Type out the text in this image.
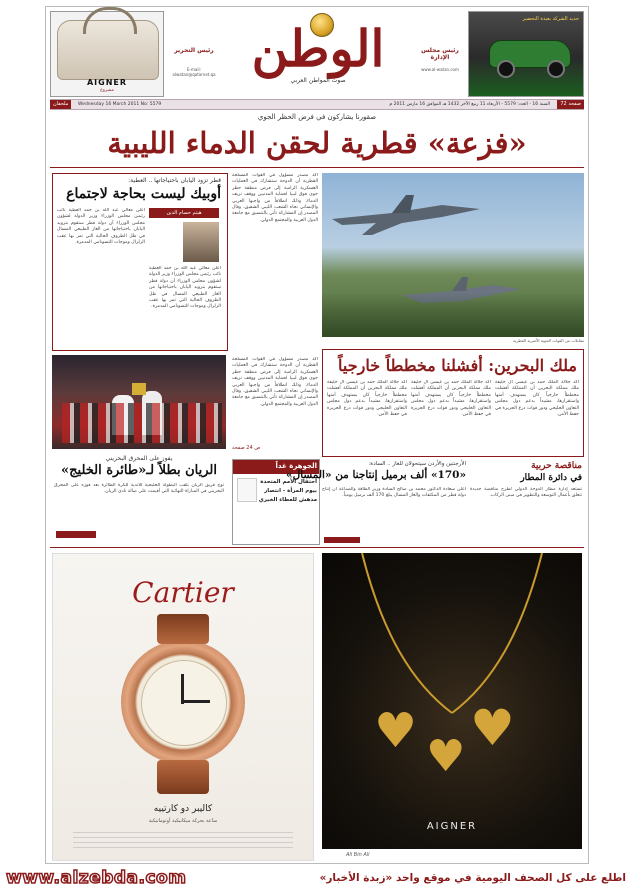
AIGNER
مشروع
رئيس التحرير
E-mail: alwatan@qatarnet.qa الوطن
صوت المواطن العربي
رئيس مجلس الإدارة
www.al-watan.com
جديد الشركة بعيدة التحضير
ملحقان	Wednesday 16 March 2011 No: 5579	السنة 16 - العدد: 5579 - الأربعاء 11 ربيع الآخر 1432 هـ الموافق 16 مارس 2011 م	72 صفحة
صقورنا يشاركون في فرض الحظر الجوي
«فزعة» قطرية لحقن الدماء الليبية
قطر تزود اليابان باحتياجاتها .. العطية:
أوبيك ليست بحاجة لاجتماع
هيثم حسام الدين
أعلن معالي عبد الله بن حمد العطية نائب رئيس مجلس الوزراء وزير الدولة لشؤون مجلس الوزراء أن دولة قطر ستقوم بتزويد اليابان باحتياجاتها من الغاز الطبيعي المسال في ظل الظروف الحالية التي تمر بها عقب الزلزال وموجات التسونامي المدمرة.
أعلن معالي عبد الله بن حمد العطية نائب رئيس مجلس الوزراء وزير الدولة لشؤون مجلس الوزراء أن دولة قطر ستقوم بتزويد اليابان باحتياجاتها من الغاز الطبيعي المسال في ظل الظروف الحالية التي تمر بها عقب الزلزال وموجات التسونامي المدمرة.
يفوز على المحرق البحريني
الريان بطلاً لـ«طائرة الخليج»
توج فريق الريان بلقب البطولة الخليجية للأندية للكرة الطائرة بعد فوزه على المحرق البحريني في المباراة النهائية التي أقيمت على صالة نادي الريان.
مقاتلات من القوات الجوية الأميرية القطرية
أكد مصدر مسؤول في القوات المسلحة القطرية أن الدوحة ستشارك في العمليات العسكرية الرامية إلى فرض منطقة حظر جوي فوق ليبيا لحماية المدنيين ووقف نزيف الدماء، وذلك انطلاقاً من واجبها العربي والإنساني تجاه الشعب الليبي الشقيق، وقال المصدر إن المشاركة تأتي بالتنسيق مع جامعة الدول العربية والمجتمع الدولي.
ملك البحرين: أفشلنا مخططاً خارجياً
أكد جلالة الملك حمد بن عيسى آل خليفة ملك مملكة البحرين أن المملكة أفشلت مخططاً خارجياً كان يستهدف أمنها واستقرارها، مشيداً بدعم دول مجلس التعاون الخليجي ودور قوات درع الجزيرة في حفظ الأمن.
أكد جلالة الملك حمد بن عيسى آل خليفة ملك مملكة البحرين أن المملكة أفشلت مخططاً خارجياً كان يستهدف أمنها واستقرارها، مشيداً بدعم دول مجلس التعاون الخليجي ودور قوات درع الجزيرة في حفظ الأمن.
أكد جلالة الملك حمد بن عيسى آل خليفة ملك مملكة البحرين أن المملكة أفشلت مخططاً خارجياً كان يستهدف أمنها واستقرارها، مشيداً بدعم دول مجلس التعاون الخليجي ودور قوات درع الجزيرة في حفظ الأمن.
أكد مصدر مسؤول في القوات المسلحة القطرية أن الدوحة ستشارك في العمليات العسكرية الرامية إلى فرض منطقة حظر جوي فوق ليبيا لحماية المدنيين ووقف نزيف الدماء، وذلك انطلاقاً من واجبها العربي والإنساني تجاه الشعب الليبي الشقيق، وقال المصدر إن المشاركة تأتي بالتنسيق مع جامعة الدول العربية والمجتمع الدولي.
ص 24 صفحة
الجوهرة غداً
احتفال الأمم المتحدة بيوم المرأة - انتصار مدهش للعطاء الخيري
الأرجنتين والأردن سيتحولان للغاز .. السادة:
«170» ألف برميل إنتاجنا من «المسال»
أعلن سعادة الدكتور محمد بن صالح السادة وزير الطاقة والصناعة أن إنتاج دولة قطر من المكثفات والغاز المسال يبلغ 170 ألف برميل يومياً.
مناقصة حربية
في دائرة المطار
تستعد إدارة مطار الدوحة الدولي لطرح مناقصة جديدة تتعلق بأعمال التوسعة والتطوير في مبنى الركاب.
Cartier
كاليبر دو كارتييه
ساعة بحركة ميكانيكية أوتوماتيكية
♥ ♥ ♥
AIGNER
Ali Bin Ali
www.alzebda.com	اطلع على كل الصحف اليومية في موقع واحد «زبدة الأخبار»
